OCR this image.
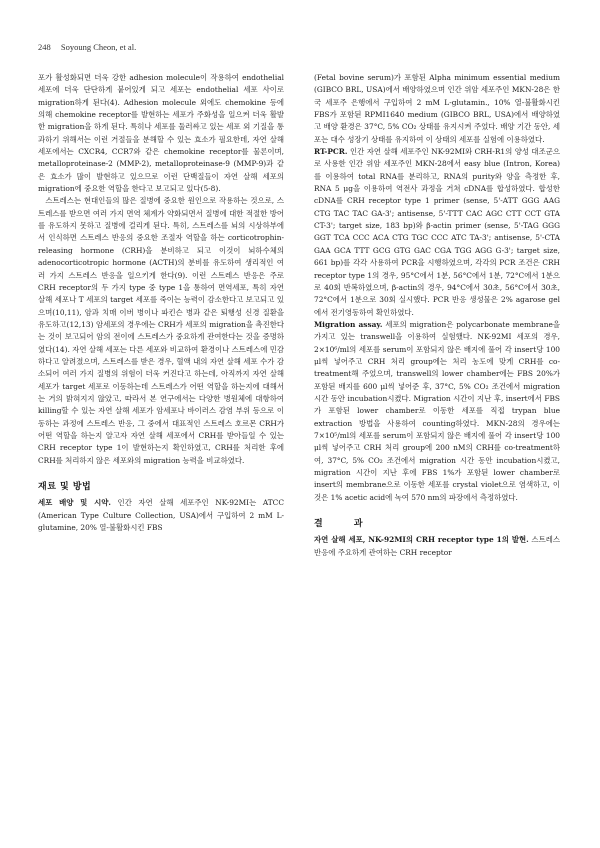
248 Soyoung Cheon, et al.

포가 활성화되면 더욱 강한 adhesion molecule이 작용하여 endothelial 세포에 더욱 단단하게 붙어있게 되고 세포는 endothelial 세포 사이로 migration하게 된다(4). Adhesion molecule 외에도 chemokine 등에 의해 chemokine receptor를 발현하는 세포가 주화성을 일으켜 더욱 활발한 migration을 하게 된다. 특히나 세포를 둘러싸고 있는 세포 외 기질을 통과하기 위해서는 이런 거절들을 분해할 수 있는 효소가 필요한데, 자연 살해 세포에서는 CXCR4, CCR7와 같은 chemokine receptor를 물론이며, metalloproteinase-2 (MMP-2), metalloproteinase-9 (MMP-9)과 같은 효소가 많이 발현하고 있으므로 이런 단백질들이 자연 살해 세포의 migration에 중요한 역할을 한다고 보고되고 있다(5-8).

스트레스는 현대인들의 많은 질병에 중요한 원인으로 작용하는 것으로, 스트레스를 받으면 여러 가지 면역 체계가 약화되면서 질병에 대한 적절한 방어를 유도하지 못하고 질병에 걸리게 된다. 특히, 스트레스를 뇌의 시상하부에서 인식하면 스트레스 반응의 중요한 조절자 역할을 하는 corticotrophin-releasing hormone (CRH)을 분비하고 되고 이것이 뇌하수체의 adenocorticotropic hormone (ACTH)의 분비를 유도하여 생리적인 여러 가지 스트레스 반응을 일으키게 한다(9). 이런 스트레스 반응은 주로 CRH receptor의 두 가지 type 중 type 1을 통하여 면역세포, 특히 자연 살해 세포나 T 세포의 target 세포를 죽이는 능력이 감소한다고 보고되고 있으며(10,11), 암과 치매 이버 병이나 파킨슨 병과 같은 퇴행성 신경 질환을 유도하고(12,13) 암세포의 경우에는 CRH가 세포의 migration을 촉진한다는 것이 보고되어 암의 전이에 스트레스가 중요하게 관여한다는 것을 증명하였다(14). 자연 살해 세포는 다른 세포와 비교하여 환경이나 스트레스에 민감하다고 알려졌으며, 스트레스를 받은 경우, 혈액 내의 자연 살해 세포 수가 감소되어 여러 가지 질병의 위험이 더욱 커진다고 하는데, 아직까지 자연 살해 세포가 target 세포로 이동하는데 스트레스가 어떤 역할을 하는지에 대해서는 거의 밝혀지지 않았고, 따라서 본 연구에서는 다양한 병원체에 대항하여 killing할 수 있는 자연 살해 세포가 암세포나 바이러스 감염 부위 등으로 이동하는 과정에 스트레스 반응, 그 중에서 대표적인 스트레스 호르몬 CRH가 어떤 역할을 하는지 알고자 자연 살해 세포에서 CRH를 받아들일 수 있는 CRH receptor type 1이 발현하는지 확인하였고, CRH를 처리한 후에 CRH를 처리하지 않은 세포와의 migration 능력을 비교하였다.

재료 및 방법

세포 배양 및 시약. 인간 자연 살해 세포주인 NK-92MI는 ATCC (American Type Culture Collection, USA)에서 구입하여 2 mM L-glutamine, 20% 열-불활화시킨 FBS

(Fetal bovine serum)가 포함된 Alpha minimum essential medium (GIBCO BRL, USA)에서 배양하였으며 인간 위암 세포주인 MKN-28은 한국 세포주 은행에서 구입하여 2 mM L-glutamin., 10% 열-불활화시킨 FBS가 포함된 RPMI1640 medium (GIBCO BRL, USA)에서 배양하였고 배양 환경은 37°C, 5% CO₂ 상태를 유지시켜 주었다. 배양 기간 동안, 세포는 대수 성장기 상태를 유지하여 이 상태의 세포를 실험에 이용하였다.

RT-PCR. 인간 자연 살해 세포주인 NK-92MI와 CRH-R1의 양성 대조군으로 사용한 인간 위암 세포주인 MKN-28에서 easy blue (Intron, Korea)를 이용하여 total RNA를 분리하고, RNA의 purity와 양을 측정한 후, RNA 5 μg을 이용하여 역전사 과정을 거쳐 cDNA를 합성하였다. 합성한 cDNA를 CRH receptor type 1 primer (sense, 5'-ATT GGG AAG CTG TAC TAC GA-3'; antisense, 5'-TTT CAC AGC CTT CCT GTA CT-3'; target size, 183 bp)와 β-actin primer (sense, 5'-TAG GGG GGT TCA CCC ACA CTG TGC CCC ATC TA-3'; antisense, 5'-CTA GAA GCA TTT GCG GTG GAC CGA TGG AGG G-3'; target size, 661 bp)를 각각 사용하여 PCR을 시행하였으며, 각각의 PCR 조건은 CRH receptor type 1의 경우, 95°C에서 1분, 56°C에서 1분, 72°C에서 1분으로 40회 반복하였으며, β-actin의 경우, 94°C에서 30초, 56°C에서 30초, 72°C에서 1분으로 30회 실시했다. PCR 반응 생성물은 2% agarose gel에서 전기영동하여 확인하였다.

Migration assay. 세포의 migration은 polycarbonate membrane을 가지고 있는 transwell을 이용하여 실험했다. NK-92MI 세포의 경우, 2×10⁶/ml의 세포를 serum이 포함되지 않은 배지에 풀어 각 insert당 100 μl씩 넣어주고 CRH 처리 group에는 처리 농도에 맞게 CRH를 co-treatment해 주었으며, transwell의 lower chamber에는 FBS 20%가 포함된 배지를 600 μl씩 넣어준 후, 37°C, 5% CO₂ 조건에서 migration 시간 동안 incubation시켰다. Migration 시간이 지난 후, insert에서 FBS가 포함된 lower chamber로 이동한 세포를 직접 trypan blue extraction 방법을 사용하여 counting하였다. MKN-28의 경우에는 7×10⁵/ml의 세포를 serum이 포함되지 않은 배지에 풀어 각 insert당 100 μl씩 넣어주고 CRH 처리 group에 200 nM의 CRH를 co-treatment하여, 37°C, 5% CO₂ 조건에서 migration 시간 동안 incubation시켰고, migration 시간이 지난 후에 FBS 1%가 포함된 lower chamber로 insert의 membrane으로 이동한 세포를 crystal violet으로 염색하고, 이것은 1% acetic acid에 녹여 570 nm의 파장에서 측정하였다.

결 과

자연 살해 세포, NK-92MI의 CRH receptor type 1의 발현. 스트레스 반응에 주요하게 관여하는 CRH receptor
